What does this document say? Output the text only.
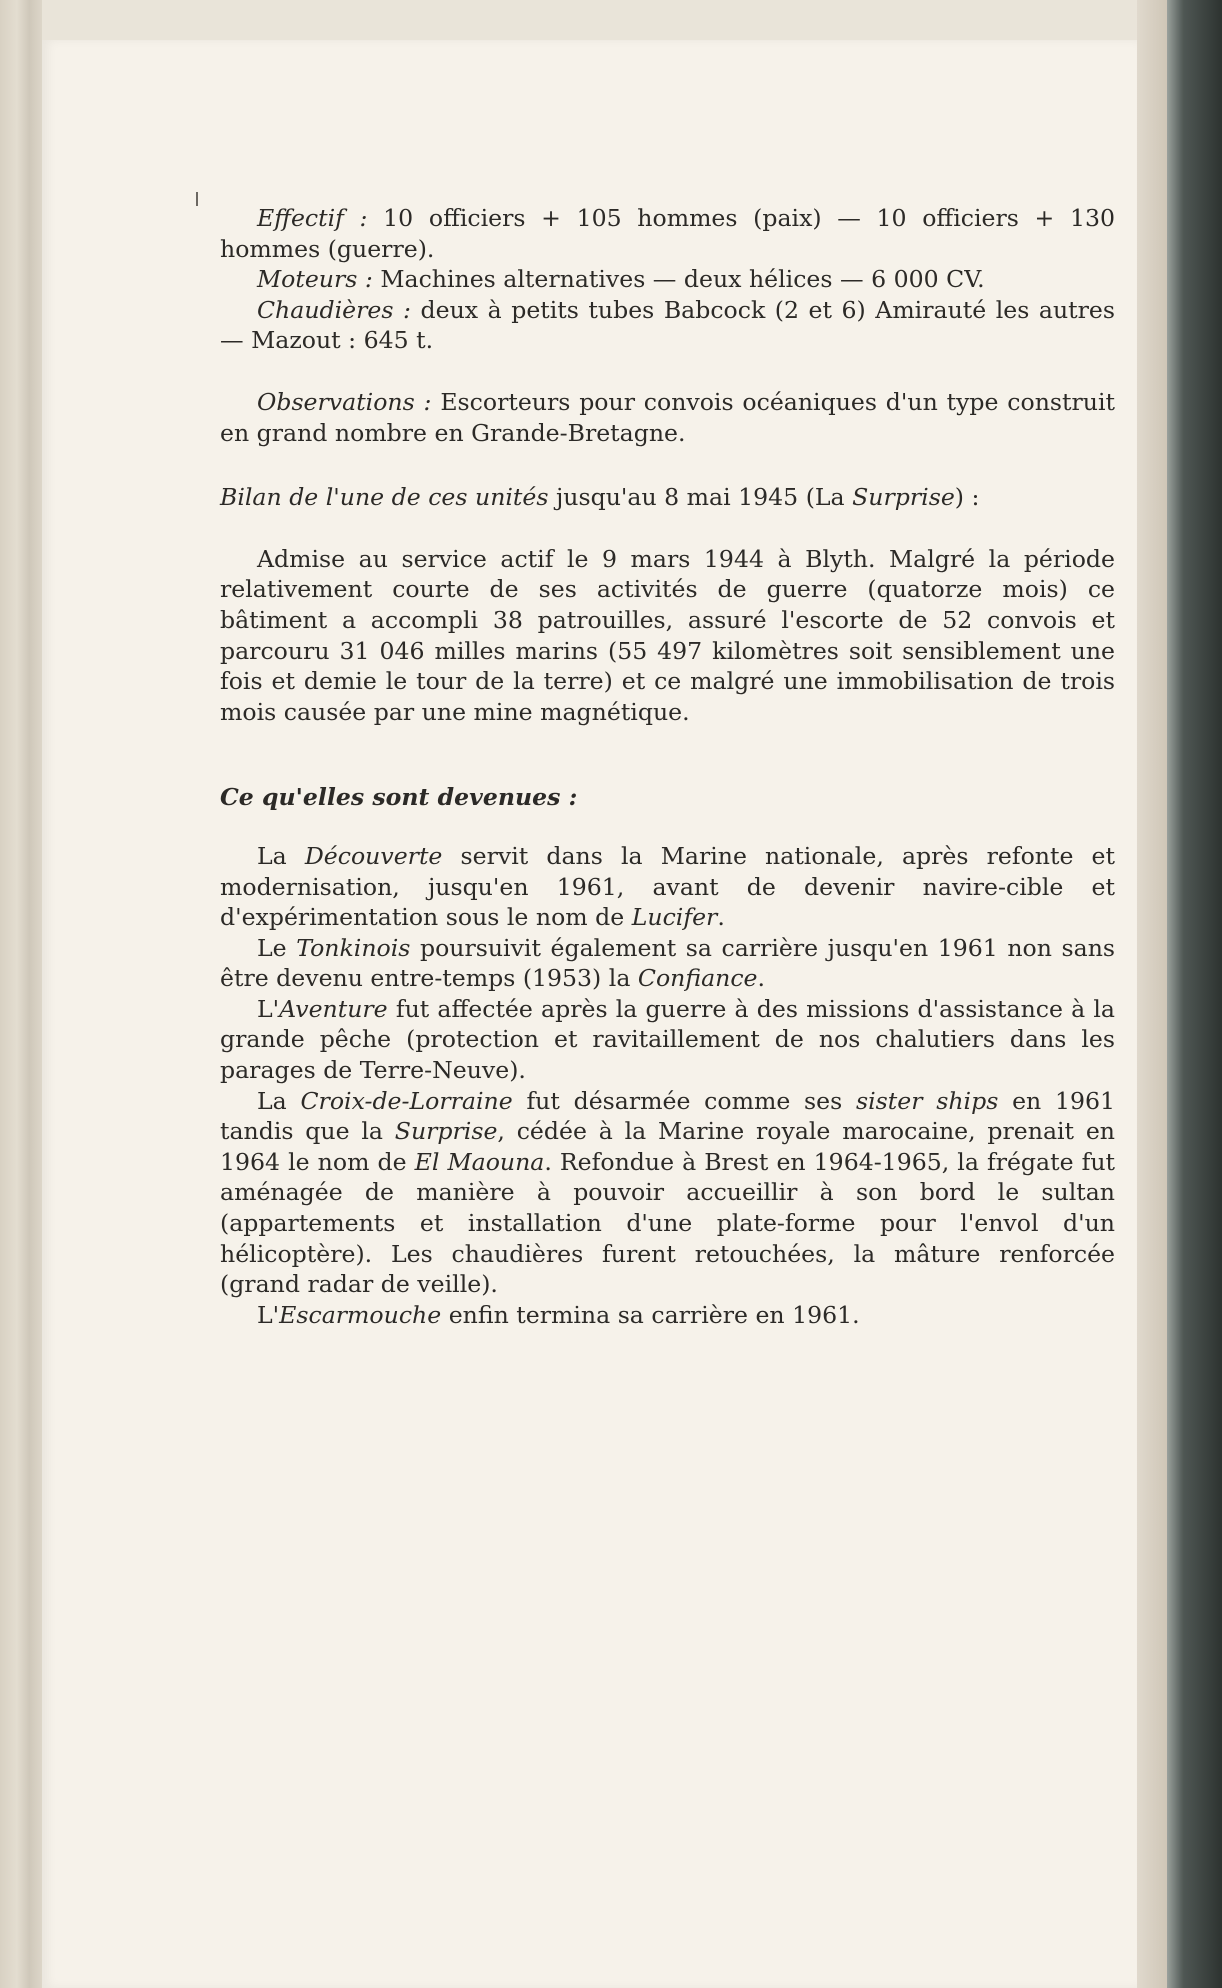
Effectif : 10 officiers + 105 hommes (paix) — 10 officiers + 130 hommes (guerre).

Moteurs : Machines alternatives — deux hélices — 6 000 CV.

Chaudières : deux à petits tubes Babcock (2 et 6) Amirauté les autres — Mazout : 645 t.

Observations : Escorteurs pour convois océaniques d'un type construit en grand nombre en Grande-Bretagne.

Bilan de l'une de ces unités jusqu'au 8 mai 1945 (La Surprise) :

Admise au service actif le 9 mars 1944 à Blyth. Malgré la période relativement courte de ses activités de guerre (quatorze mois) ce bâtiment a accompli 38 patrouilles, assuré l'escorte de 52 convois et parcouru 31 046 milles marins (55 497 kilomètres soit sensiblement une fois et demie le tour de la terre) et ce malgré une immobilisation de trois mois causée par une mine magnétique.

Ce qu'elles sont devenues :

La Découverte servit dans la Marine nationale, après refonte et modernisation, jusqu'en 1961, avant de devenir navire-cible et d'expérimentation sous le nom de Lucifer.

Le Tonkinois poursuivit également sa carrière jusqu'en 1961 non sans être devenu entre-temps (1953) la Confiance.

L'Aventure fut affectée après la guerre à des missions d'assistance à la grande pêche (protection et ravitaillement de nos chalutiers dans les parages de Terre-Neuve).

La Croix-de-Lorraine fut désarmée comme ses sister ships en 1961 tandis que la Surprise, cédée à la Marine royale marocaine, prenait en 1964 le nom de El Maouna. Refondue à Brest en 1964-1965, la frégate fut aménagée de manière à pouvoir accueillir à son bord le sultan (appartements et installation d'une plate-forme pour l'envol d'un hélicoptère). Les chaudières furent retouchées, la mâture renforcée (grand radar de veille).

L'Escarmouche enfin termina sa carrière en 1961.
